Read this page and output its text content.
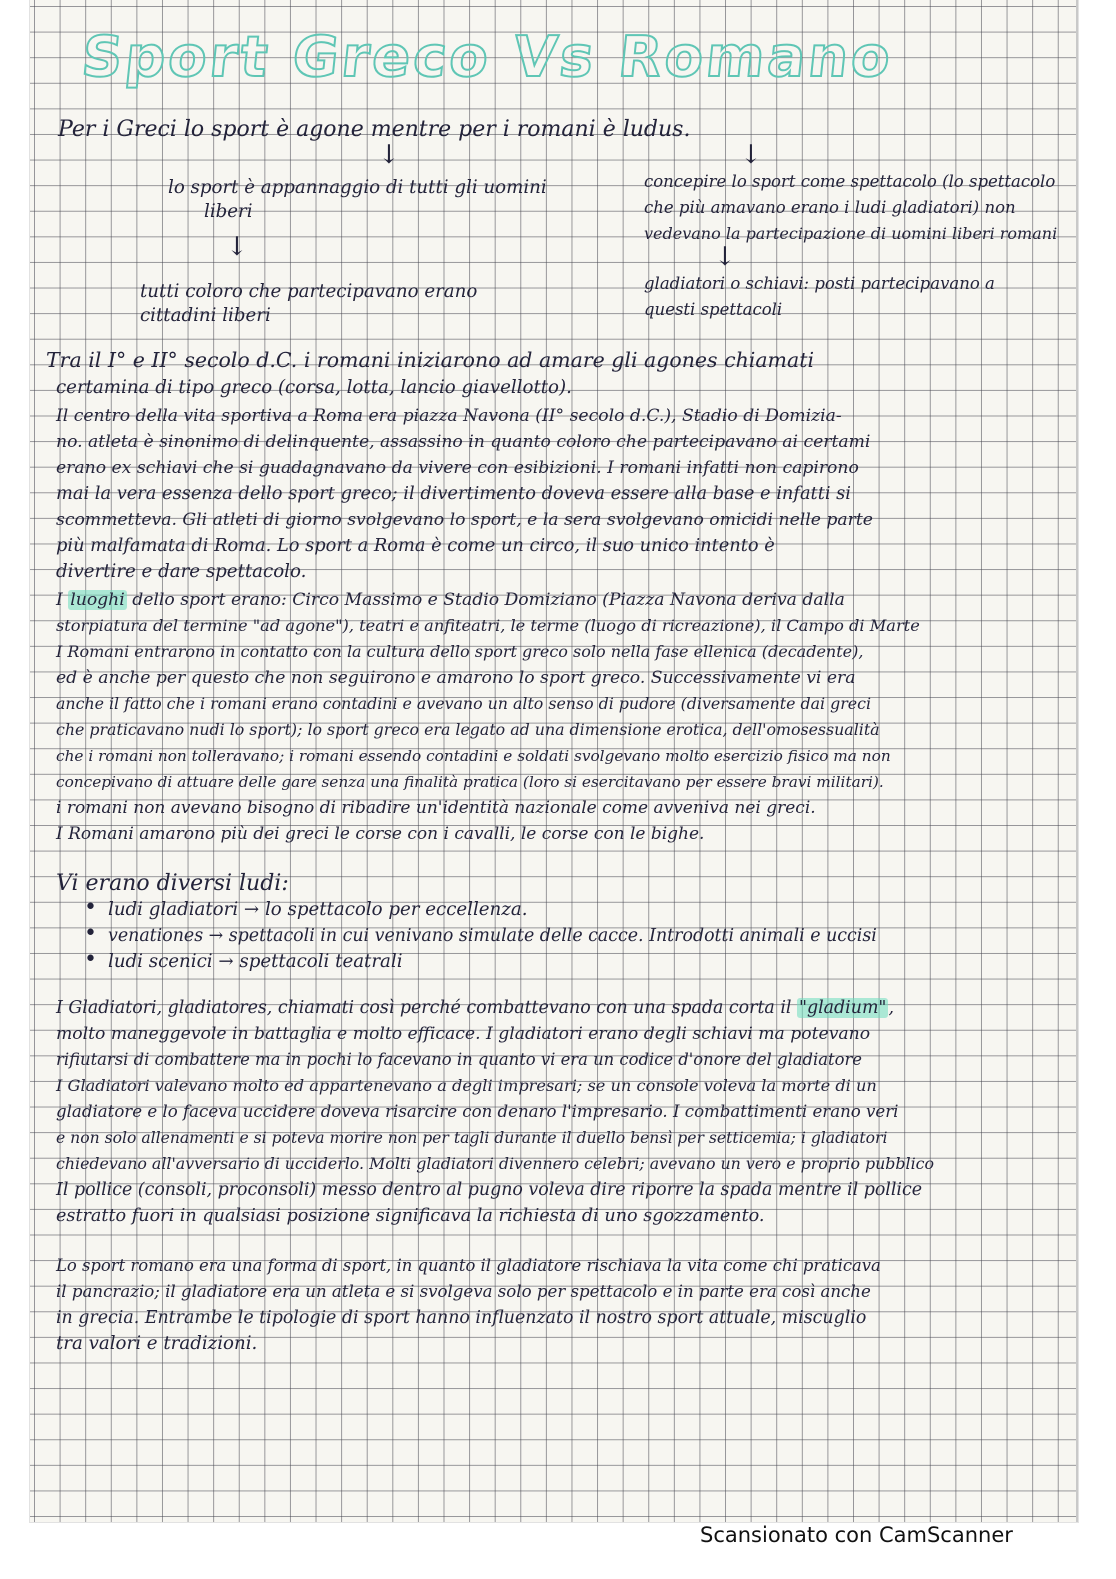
Sport Greco Vs Romano
Per i Greci lo sport è agone mentre per i romani è ludus.
↓	↓
lo sport è appannaggio di tutti gli uomini
liberi
↓
tutti coloro che partecipavano erano
cittadini liberi
concepire lo sport come spettacolo (lo spettacolo
che più amavano erano i ludi gladiatori) non
vedevano la partecipazione di uomini liberi romani
↓
gladiatori o schiavi: posti partecipavano a
questi spettacoli
Tra il I° e II° secolo d.C. i romani iniziarono ad amare gli agones chiamati
certamina di tipo greco (corsa, lotta, lancio giavellotto).
Il centro della vita sportiva a Roma era piazza Navona (II° secolo d.C.), Stadio di Domizia-
no. atleta è sinonimo di delinquente, assassino in quanto coloro che partecipavano ai certami
erano ex schiavi che si guadagnavano da vivere con esibizioni. I romani infatti non capirono
mai la vera essenza dello sport greco; il divertimento doveva essere alla base e infatti si
scommetteva. Gli atleti di giorno svolgevano lo sport, e la sera svolgevano omicidi nelle parte
più malfamata di Roma. Lo sport a Roma è come un circo, il suo unico intento è
divertire e dare spettacolo.
I luoghi dello sport erano: Circo Massimo e Stadio Domiziano (Piazza Navona deriva dalla
storpiatura del termine "ad agone"), teatri e anfiteatri, le terme (luogo di ricreazione), il Campo di Marte
I Romani entrarono in contatto con la cultura dello sport greco solo nella fase ellenica (decadente),
ed è anche per questo che non seguirono e amarono lo sport greco. Successivamente vi era
anche il fatto che i romani erano contadini e avevano un alto senso di pudore (diversamente dai greci
che praticavano nudi lo sport); lo sport greco era legato ad una dimensione erotica, dell'omosessualità
che i romani non tolleravano; i romani essendo contadini e soldati svolgevano molto esercizio fisico ma non
concepivano di attuare delle gare senza una finalità pratica (loro si esercitavano per essere bravi militari).
i romani non avevano bisogno di ribadire un'identità nazionale come avveniva nei greci.
I Romani amarono più dei greci le corse con i cavalli, le corse con le bighe.
Vi erano diversi ludi:
• ludi gladiatori → lo spettacolo per eccellenza.
• venationes → spettacoli in cui venivano simulate delle cacce. Introdotti animali e uccisi
• ludi scenici → spettacoli teatrali
I Gladiatori, gladiatores, chiamati così perché combattevano con una spada corta il "gladium" ,
molto maneggevole in battaglia e molto efficace. I gladiatori erano degli schiavi ma potevano
rifiutarsi di combattere ma in pochi lo facevano in quanto vi era un codice d'onore del gladiatore
I Gladiatori valevano molto ed appartenevano a degli impresari; se un console voleva la morte di un
gladiatore e lo faceva uccidere doveva risarcire con denaro l'impresario. I combattimenti erano veri
e non solo allenamenti e si poteva morire non per tagli durante il duello bensì per setticemia; i gladiatori
chiedevano all'avversario di ucciderlo. Molti gladiatori divennero celebri; avevano un vero e proprio pubblico
Il pollice (consoli, proconsoli) messo dentro al pugno voleva dire riporre la spada mentre il pollice
estratto fuori in qualsiasi posizione significava la richiesta di uno sgozzamento.
Lo sport romano era una forma di sport, in quanto il gladiatore rischiava la vita come chi praticava
il pancrazio; il gladiatore era un atleta e si svolgeva solo per spettacolo e in parte era così anche
in grecia. Entrambe le tipologie di sport hanno influenzato il nostro sport attuale, miscuglio
tra valori e tradizioni.
Scansionato con CamScanner
